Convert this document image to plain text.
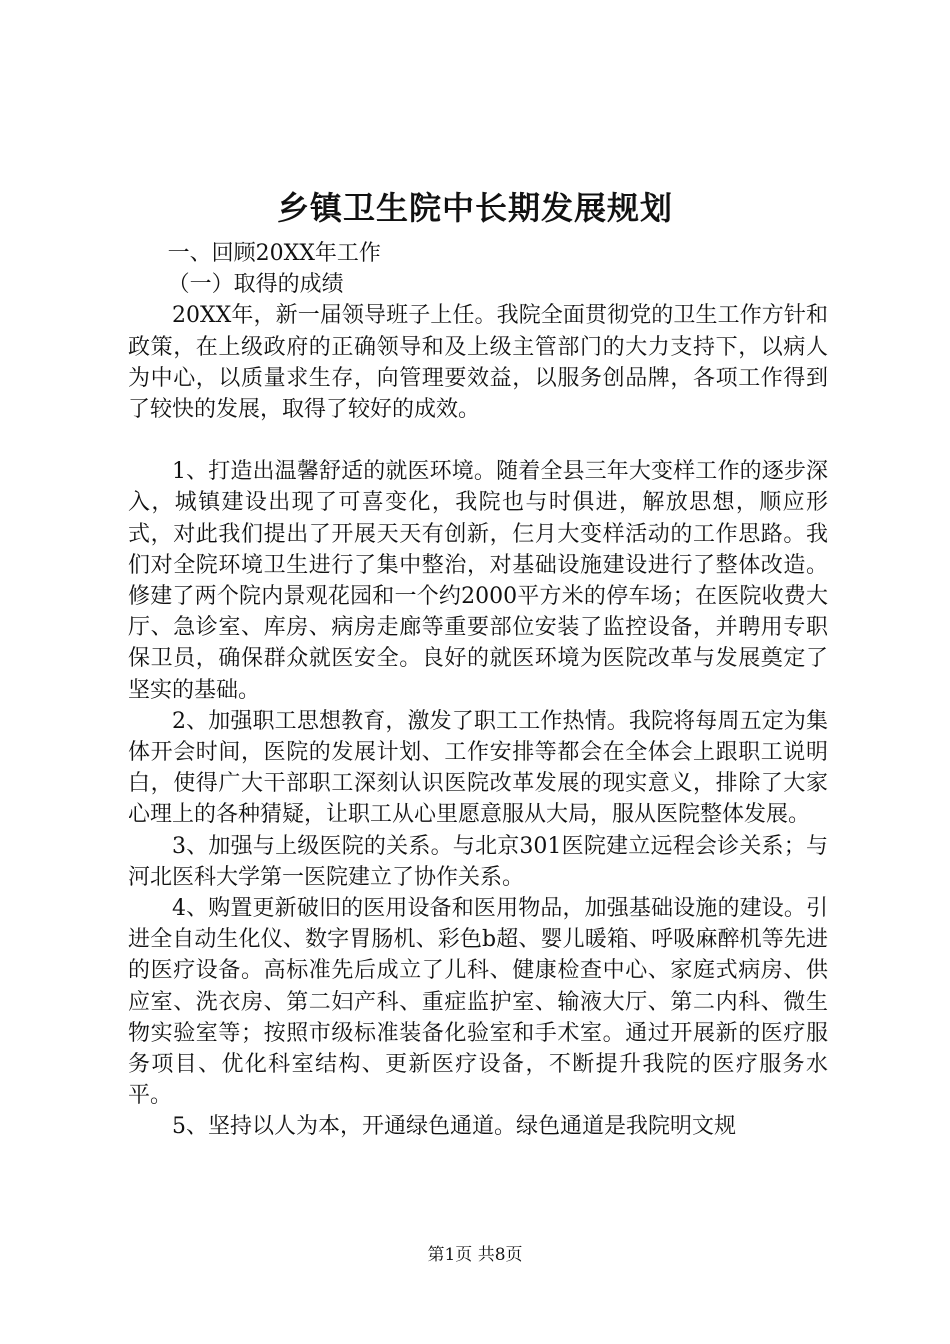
乡镇卫生院中长期发展规划

一、回顾20XX年工作

（一）取得的成绩

20XX年，新一届领导班子上任。我院全面贯彻党的卫生工作方针和政策，在上级政府的正确领导和及上级主管部门的大力支持下，以病人为中心，以质量求生存，向管理要效益，以服务创品牌，各项工作得到了较快的发展，取得了较好的成效。

1、打造出温馨舒适的就医环境。随着全县三年大变样工作的逐步深入，城镇建设出现了可喜变化，我院也与时俱进，解放思想，顺应形式，对此我们提出了开展天天有创新，仨月大变样活动的工作思路。我们对全院环境卫生进行了集中整治，对基础设施建设进行了整体改造。修建了两个院内景观花园和一个约2000平方米的停车场；在医院收费大厅、急诊室、库房、病房走廊等重要部位安装了监控设备，并聘用专职保卫员，确保群众就医安全。良好的就医环境为医院改革与发展奠定了坚实的基础。

2、加强职工思想教育，激发了职工工作热情。我院将每周五定为集体开会时间，医院的发展计划、工作安排等都会在全体会上跟职工说明白，使得广大干部职工深刻认识医院改革发展的现实意义，排除了大家心理上的各种猜疑，让职工从心里愿意服从大局，服从医院整体发展。

3、加强与上级医院的关系。与北京301医院建立远程会诊关系；与河北医科大学第一医院建立了协作关系。

4、购置更新破旧的医用设备和医用物品，加强基础设施的建设。引进全自动生化仪、数字胃肠机、彩色b超、婴儿暖箱、呼吸麻醉机等先进的医疗设备。高标准先后成立了儿科、健康检查中心、家庭式病房、供应室、洗衣房、第二妇产科、重症监护室、输液大厅、第二内科、微生物实验室等；按照市级标准装备化验室和手术室。通过开展新的医疗服务项目、优化科室结构、更新医疗设备，不断提升我院的医疗服务水平。

5、坚持以人为本，开通绿色通道。绿色通道是我院明文规

第1页 共8页
